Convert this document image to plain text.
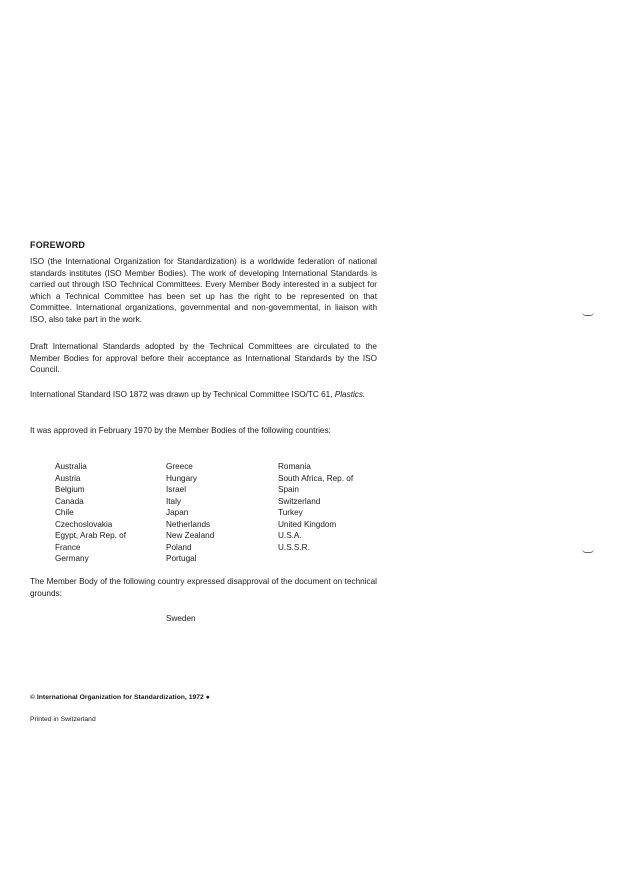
FOREWORD
ISO (the International Organization for Standardization) is a worldwide federation of national standards institutes (ISO Member Bodies). The work of developing International Standards is carried out through ISO Technical Committees. Every Member Body interested in a subject for which a Technical Committee has been set up has the right to be represented on that Committee. International organizations, governmental and non-governmental, in liaison with ISO, also take part in the work.
Draft International Standards adopted by the Technical Committees are circulated to the Member Bodies for approval before their acceptance as International Standards by the ISO Council.
International Standard ISO 1872 was drawn up by Technical Committee ISO/TC 61, Plastics.
It was approved in February 1970 by the Member Bodies of the following countries:
Australia
Austria
Belgium
Canada
Chile
Czechoslovakia
Egypt, Arab Rep. of
France
Germany
Greece
Hungary
Israel
Italy
Japan
Netherlands
New Zealand
Poland
Portugal
Romania
South Africa, Rep. of
Spain
Switzerland
Turkey
United Kingdom
U.S.A.
U.S.S.R.
The Member Body of the following country expressed disapproval of the document on technical grounds:
Sweden
© International Organization for Standardization, 1972 ●
Printed in Switzerland
